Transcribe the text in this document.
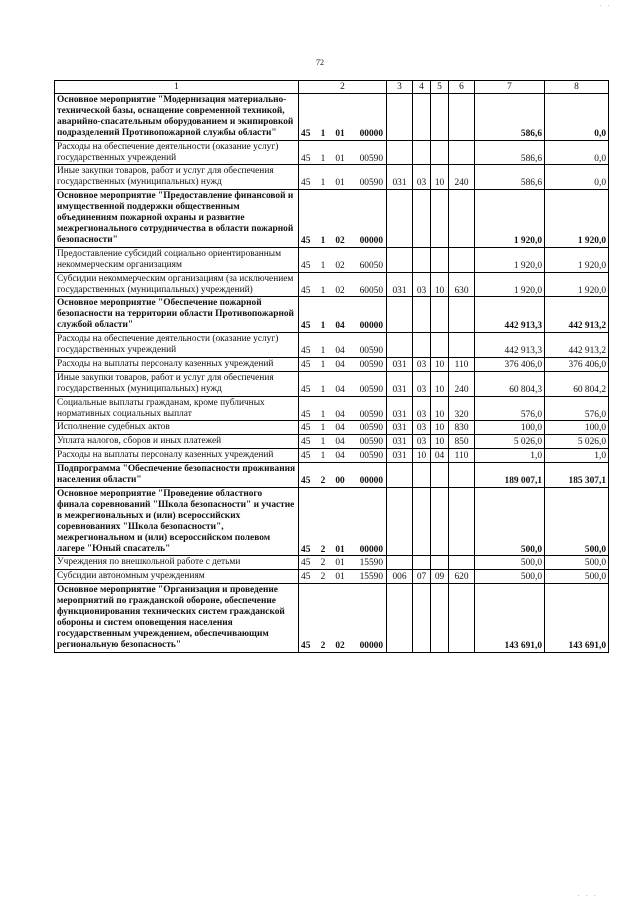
72
· ·
· · ·
1	2	3	4	5	6	7	8
Основное мероприятие "Модернизация материально-технической базы, оснащение современной техникой, аварийно-спасательным оборудованием и экипировкой подразделений Противопожарной службы области"	45 1 01 00000					586,6	0,0
Расходы на обеспечение деятельности (оказание услуг) государственных учреждений	45 1 01 00590					586,6	0,0
Иные закупки товаров, работ и услуг для обеспечения государственных (муниципальных) нужд	45 1 01 00590	031	03	10	240	586,6	0,0
Основное мероприятие "Предоставление финансовой и имущественной поддержки общественным объединениям пожарной охраны и развитие межрегионального сотрудничества в области пожарной безопасности"	45 1 02 00000					1 920,0	1 920,0
Предоставление субсидий социально ориентированным некоммерческим организациям	45 1 02 60050					1 920,0	1 920,0
Субсидии некоммерческим организациям (за исключением государственных (муниципальных) учреждений)	45 1 02 60050	031	03	10	630	1 920,0	1 920,0
Основное мероприятие "Обеспечение пожарной безопасности на территории области Противопожарной службой области"	45 1 04 00000					442 913,3	442 913,2
Расходы на обеспечение деятельности (оказание услуг) государственных учреждений	45 1 04 00590					442 913,3	442 913,2
Расходы на выплаты персоналу казенных учреждений	45 1 04 00590	031	03	10	110	376 406,0	376 406,0
Иные закупки товаров, работ и услуг для обеспечения государственных (муниципальных) нужд	45 1 04 00590	031	03	10	240	60 804,3	60 804,2
Социальные выплаты гражданам, кроме публичных нормативных социальных выплат	45 1 04 00590	031	03	10	320	576,0	576,0
Исполнение судебных актов	45 1 04 00590	031	03	10	830	100,0	100,0
Уплата налогов, сборов и иных платежей	45 1 04 00590	031	03	10	850	5 026,0	5 026,0
Расходы на выплаты персоналу казенных учреждений	45 1 04 00590	031	10	04	110	1,0	1,0
Подпрограмма "Обеспечение безопасности проживания населения области"	45 2 00 00000					189 007,1	185 307,1
Основное мероприятие "Проведение областного финала соревнований "Школа безопасности" и участие в межрегиональных и (или) всероссийских соревнованиях "Школа безопасности", межрегиональном и (или) всероссийском полевом лагере "Юный спасатель"	45 2 01 00000					500,0	500,0
Учреждения по внешкольной работе с детьми	45 2 01 15590					500,0	500,0
Субсидии автономным учреждениям	45 2 01 15590	006	07	09	620	500,0	500,0
Основное мероприятие "Организация и проведение мероприятий по гражданской обороне, обеспечение функционирования технических систем гражданской обороны и систем оповещения населения государственным учреждением, обеспечивающим региональную безопасность"	45 2 02 00000					143 691,0	143 691,0
